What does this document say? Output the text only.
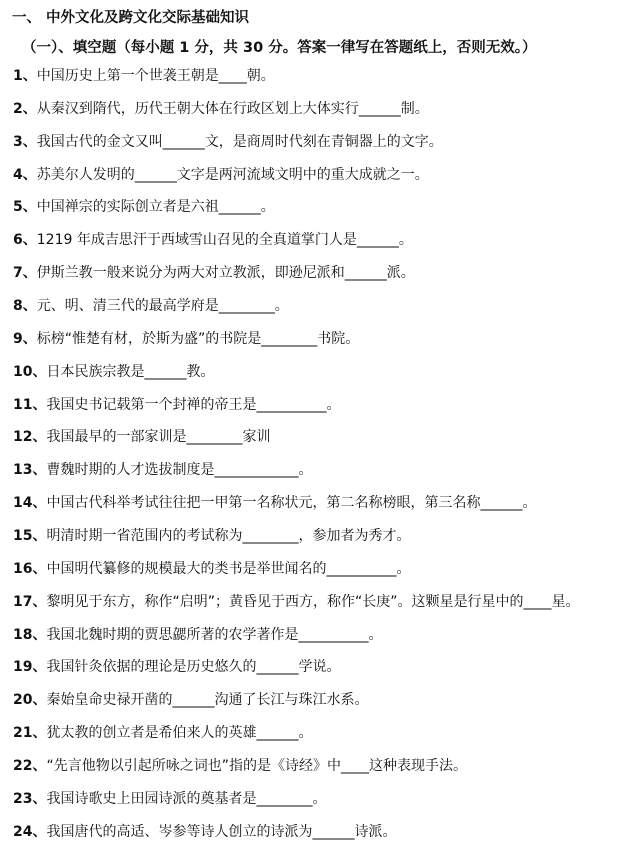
一、 中外文化及跨文化交际基础知识
（一）、填空题（每小题 1 分，共 30 分。答案一律写在答题纸上，否则无效。）
1、中国历史上第一个世袭王朝是____朝。
2、从秦汉到隋代，历代王朝大体在行政区划上大体实行______制。
3、我国古代的金文又叫______文，是商周时代刻在青铜器上的文字。
4、苏美尔人发明的______文字是两河流域文明中的重大成就之一。
5、中国禅宗的实际创立者是六祖______。
6、1219 年成吉思汗于西域雪山召见的全真道掌门人是______。
7、伊斯兰教一般来说分为两大对立教派，即逊尼派和______派。
8、元、明、清三代的最高学府是________。
9、标榜“惟楚有材，於斯为盛”的书院是________书院。
10、日本民族宗教是______教。
11、我国史书记载第一个封禅的帝王是__________。
12、我国最早的一部家训是________家训
13、曹魏时期的人才选拔制度是____________。
14、中国古代科举考试往往把一甲第一名称状元，第二名称榜眼，第三名称______。
15、明清时期一省范围内的考试称为________，参加者为秀才。
16、中国明代纂修的规模最大的类书是举世闻名的__________。
17、黎明见于东方，称作“启明”；黄昏见于西方，称作“长庚”。这颗星是行星中的____星。
18、我国北魏时期的贾思勰所著的农学著作是__________。
19、我国针灸依据的理论是历史悠久的______学说。
20、秦始皇命史禄开凿的______沟通了长江与珠江水系。
21、犹太教的创立者是希伯来人的英雄______。
22、“先言他物以引起所咏之词也”指的是《诗经》中____这种表现手法。
23、我国诗歌史上田园诗派的奠基者是________。
24、我国唐代的高适、岑参等诗人创立的诗派为______诗派。
